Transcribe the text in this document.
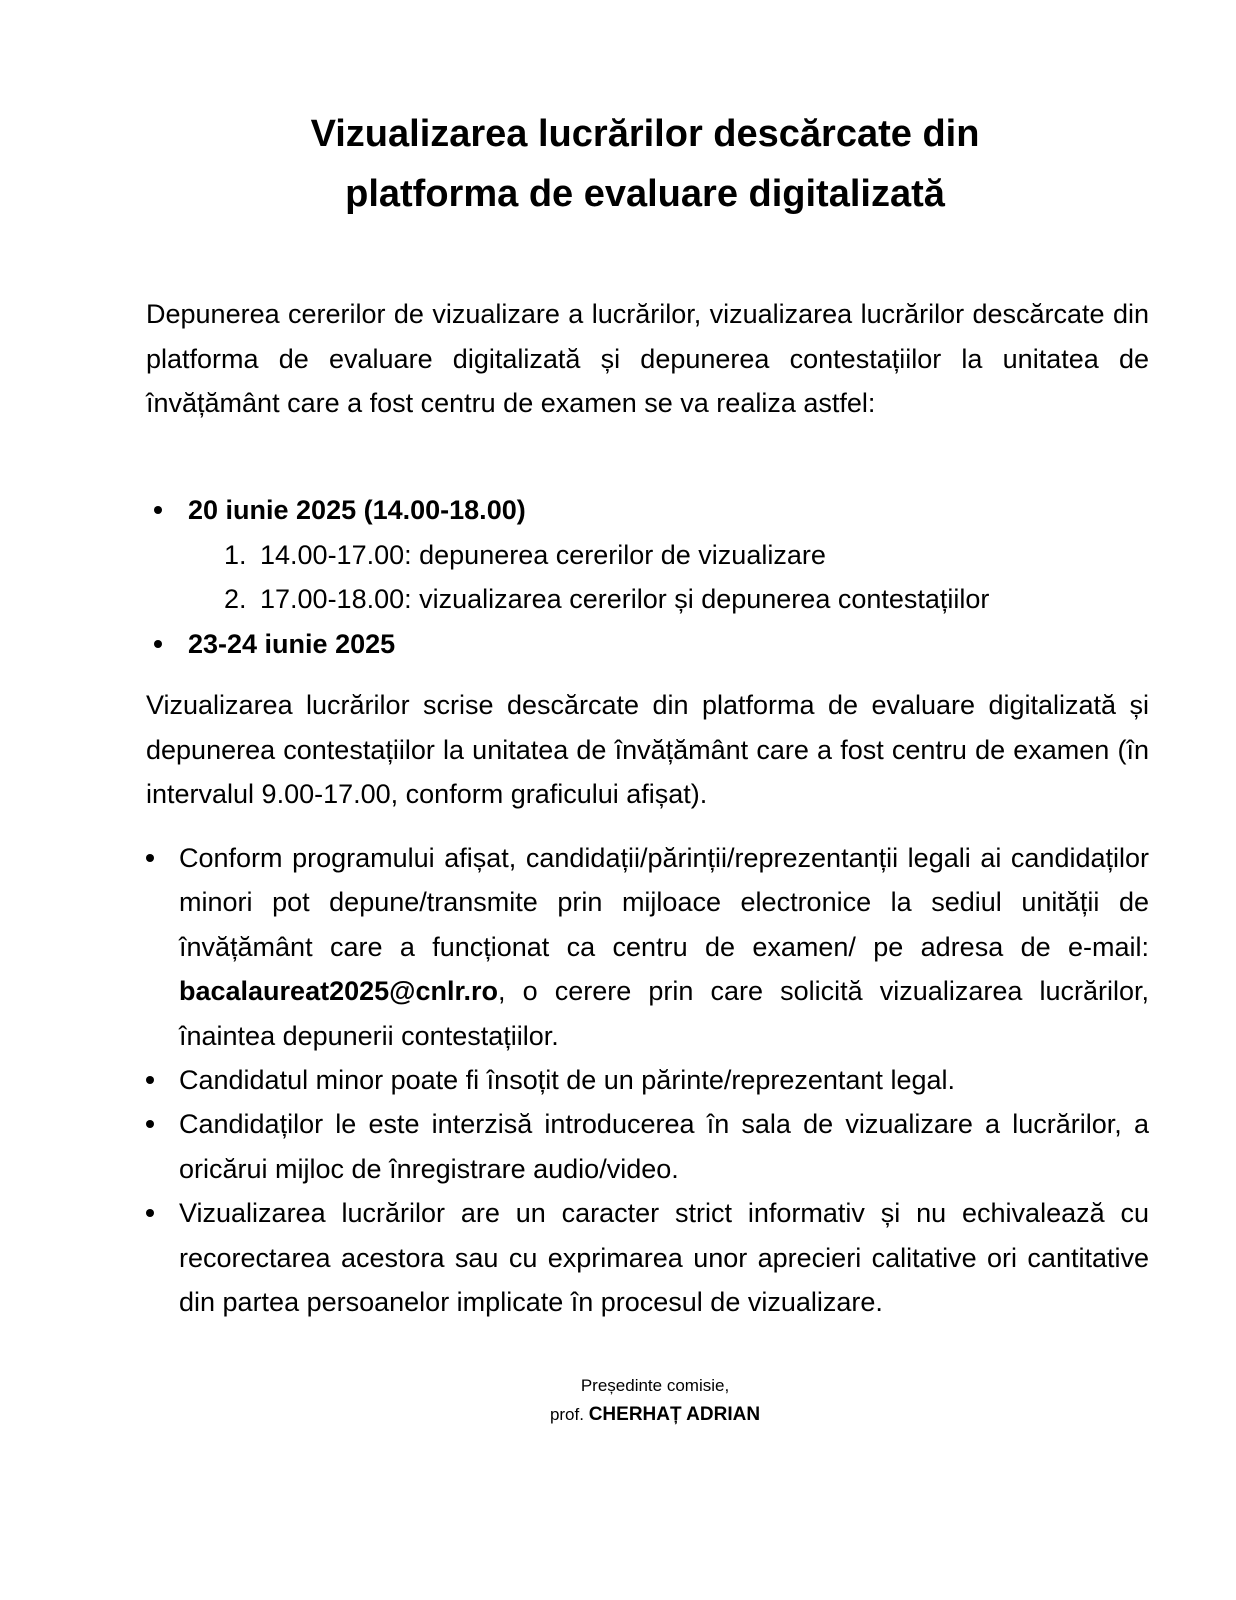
Vizualizarea lucrărilor descărcate din
platforma de evaluare digitalizată

Depunerea cererilor de vizualizare a lucrărilor, vizualizarea lucrărilor descărcate din platforma de evaluare digitalizată și depunerea contestațiilor la unitatea de învățământ care a fost centru de examen se va realiza astfel:

20 iunie 2025 (14.00-18.00)
1. 14.00-17.00: depunerea cererilor de vizualizare
2. 17.00-18.00: vizualizarea cererilor și depunerea contestațiilor
23-24 iunie 2025

Vizualizarea lucrărilor scrise descărcate din platforma de evaluare digitalizată și depunerea contestațiilor la unitatea de învățământ care a fost centru de examen (în intervalul 9.00-17.00, conform graficului afișat).

Conform programului afișat, candidații/părinții/reprezentanții legali ai candidaților minori pot depune/transmite prin mijloace electronice la sediul unității de învățământ care a funcționat ca centru de examen/ pe adresa de e-mail: bacalaureat2025@cnlr.ro, o cerere prin care solicită vizualizarea lucrărilor, înaintea depunerii contestațiilor.
Candidatul minor poate fi însoțit de un părinte/reprezentant legal.
Candidaților le este interzisă introducerea în sala de vizualizare a lucrărilor, a oricărui mijloc de înregistrare audio/video.
Vizualizarea lucrărilor are un caracter strict informativ și nu echivalează cu recorectarea acestora sau cu exprimarea unor aprecieri calitative ori cantitative din partea persoanelor implicate în procesul de vizualizare.
Președinte comisie,
prof. CHERHAȚ ADRIAN
